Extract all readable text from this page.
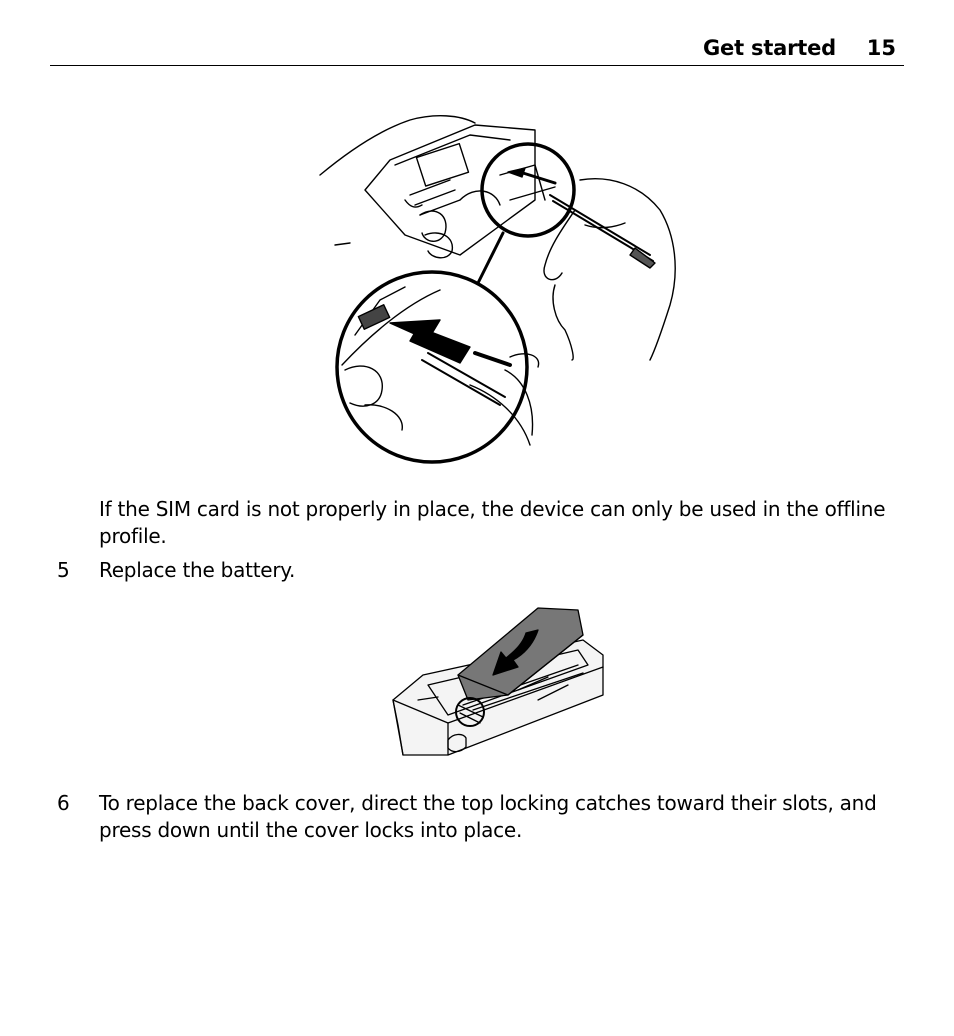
Get started 15

If the SIM card is not properly in place, the device can only be used in the offline profile.

5 Replace the battery.

6 To replace the back cover, direct the top locking catches toward their slots, and press down until the cover locks into place.
